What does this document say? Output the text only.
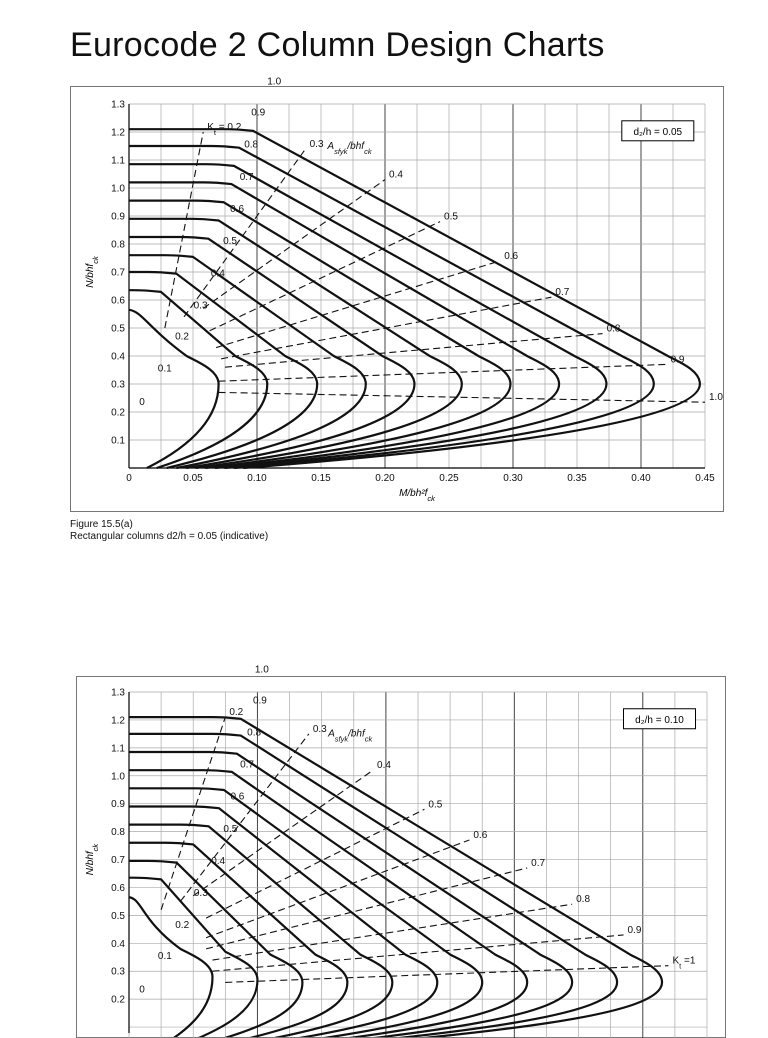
Eurocode 2 Column Design Charts
0.1
0.2
0.3
0.4
0.5
0.6
0.7
0.8
0.9
1.0
1.1
1.2
1.3
0	0.05	0.10	0.15	0.20	0.25	0.30	0.35	0.40	0.45
N/bhf$_{ck}$
$M/bh^2f_{ck}$
d₂/h = 0.05
$K_t = 0.2$
0.3
0.4
0.5
0.6
0.7
0.8
0.9
1.0
0
0.1
0.2
0.3
0.4
0.5
0.6
0.7
0.8
0.9
1.0
$A_{sfyk}/bhf_{ck}$
Figure 15.5(a)
Rectangular columns d2/h = 0.05 (indicative)
0.2
0.3
0.4
0.5
0.6
0.7
0.8
0.9
1.0
1.1
1.2
1.3
N/bhf$_{ck}$
d₂/h = 0.10
0.2
0.3
0.4
0.5
0.6
0.7
0.8
0.9
$K_t =1$
0
0.1
0.2
0.3
0.4
0.5
0.6
0.7
0.8
0.9
1.0
$A_{sfyk}/bhf_{ck}$
